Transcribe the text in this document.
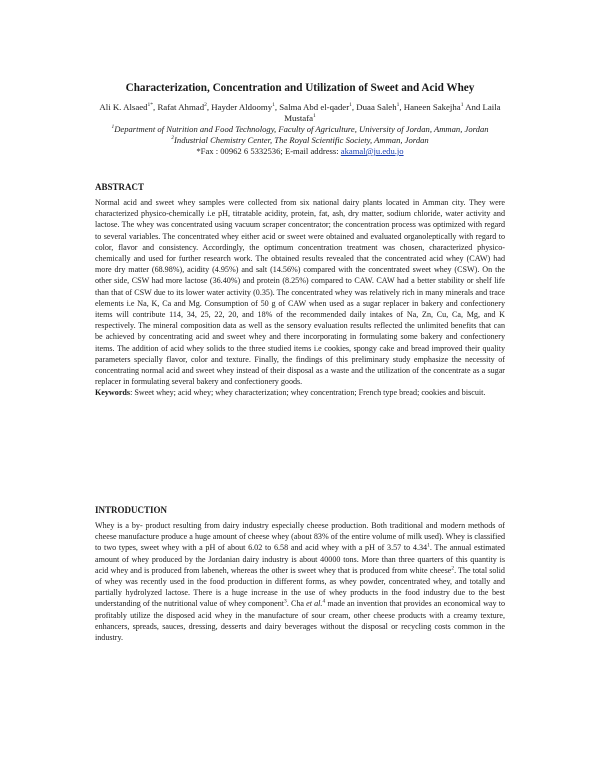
Characterization, Concentration and Utilization of Sweet and Acid Whey
Ali K. Alsaed$^{1*}$, Rafat Ahmad$^2$, Hayder Aldoomy$^1$, Salma Abd el-qader$^1$, Duaa Saleh$^1$, Haneen Sakejha$^1$ And Laila Mustafa$^1$
$^1$Department of Nutrition and Food Technology, Faculty of Agriculture, University of Jordan, Amman, Jordan
$^2$Industrial Chemistry Center, The Royal Scientific Society, Amman, Jordan
*Fax : 00962 6 5332536; E-mail address: akamal@ju.edu.jo
ABSTRACT
Normal acid and sweet whey samples were collected from six national dairy plants located in Amman city. They were characterized physico-chemically i.e pH, titratable acidity, protein, fat, ash, dry matter, sodium chloride, water activity and lactose. The whey was concentrated using vacuum scraper concentrator; the concentration process was optimized with regard to several variables. The concentrated whey either acid or sweet were obtained and evaluated organoleptically with regard to color, flavor and consistency. Accordingly, the optimum concentration treatment was chosen, characterized physico-chemically and used for further research work. The obtained results revealed that the concentrated acid whey (CAW) had more dry matter (68.98%), acidity (4.95%) and salt (14.56%) compared with the concentrated sweet whey (CSW). On the other side, CSW had more lactose (36.40%) and protein (8.25%) compared to CAW. CAW had a better stability or shelf life than that of CSW due to its lower water activity (0.35). The concentrated whey was relatively rich in many minerals and trace elements i.e Na, K, Ca and Mg. Consumption of 50 g of CAW when used as a sugar replacer in bakery and confectionery items will contribute 114, 34, 25, 22, 20, and 18% of the recommended daily intakes of Na, Zn, Cu, Ca, Mg, and K respectively. The mineral composition data as well as the sensory evaluation results reflected the unlimited benefits that can be achieved by concentrating acid and sweet whey and there incorporating in formulating some bakery and confectionery items. The addition of acid whey solids to the three studied items i.e cookies, spongy cake and bread improved their quality parameters specially flavor, color and texture. Finally, the findings of this preliminary study emphasize the necessity of concentrating normal acid and sweet whey instead of their disposal as a waste and the utilization of the concentrate as a sugar replacer in formulating several bakery and confectionery goods.
Keywords: Sweet whey; acid whey; whey characterization; whey concentration; French type bread; cookies and biscuit.
INTRODUCTION
Whey is a by- product resulting from dairy industry especially cheese production. Both traditional and modern methods of cheese manufacture produce a huge amount of cheese whey (about 83% of the entire volume of milk used). Whey is classified to two types, sweet whey with a pH of about 6.02 to 6.58 and acid whey with a pH of 3.57 to 4.34$^1$. The annual estimated amount of whey produced by the Jordanian dairy industry is about 40000 tons. More than three quarters of this quantity is acid whey and is produced from labeneh, whereas the other is sweet whey that is produced from white cheese$^2$. The total solid of whey was recently used in the food production in different forms, as whey powder, concentrated whey, and totally and partially hydrolyzed lactose. There is a huge increase in the use of whey products in the food industry due to the best understanding of the nutritional value of whey component$^3$. Cha et al.$^4$ made an invention that provides an economical way to profitably utilize the disposed acid whey in the manufacture of sour cream, other cheese products with a creamy texture, enhancers, spreads, sauces, dressing, desserts and dairy beverages without the disposal or recycling costs common in the industry.
